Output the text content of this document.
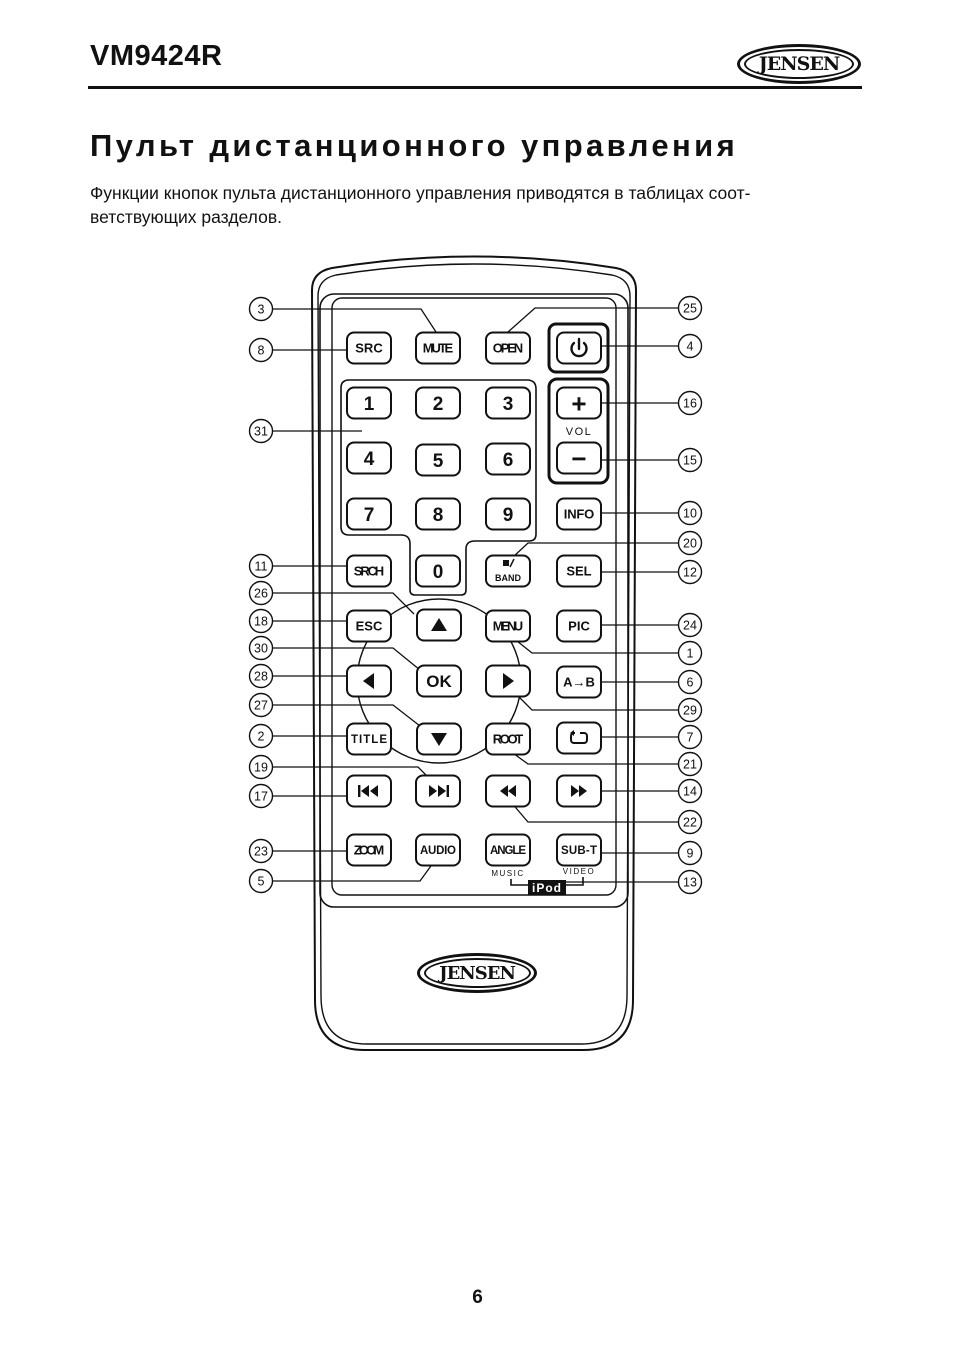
VM9424R	JENSEN
Пульт дистанционного управления
Функции кнопок пульта дистанционного управления приводятся в таблицах соот-
ветствующих разделов.
SRC	MUTE	OPEN
1	2	3 +
4	5	6 −
7	8	9	INFO
SRCH	0	BAND	SEL
ESC	MENU	PIC
OK	A→B
TITLE	ROOT
ZOOM	AUDIO	ANGLE	SUB-T
VOL
MUSIC	VIDEO
iPod
3
8
31
11
26
18
30
28
27
2
19
17
23
5
25
4
16
15
10
20
12
24
1
6
29
7
21
14
22
9
13
JENSEN
6
